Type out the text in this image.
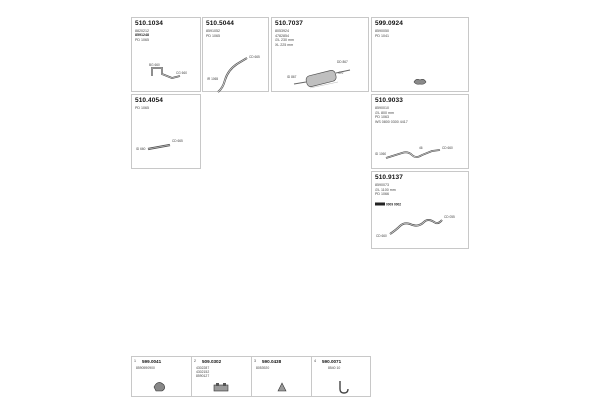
510.1034
8820212
8591248
PD 1065
BG 660
CG 660
510.5044
8591052
PD 1065
CD 665
IR 1065
510.7037
8053924
4782854
∅L 230 mm
XL 225 mm
DD 867
ID 867
470
599.0924
8590050
PD 1041
510.4054
PD 1065
CD 665
ID 660
510.9033
8590010
∅L 800 mm
PD 1063
WS 0800 0300 4417
ID 1060
CD 660
46
510.9137
8590073
∅L 1100 mm
PD 1066
0009 0002
CD 660
CD 055
1 599.0041
8590590900
2 509.0302
4302287
4302152
8590127
3 590.0438
8053920
4 590.0071
8540 10
